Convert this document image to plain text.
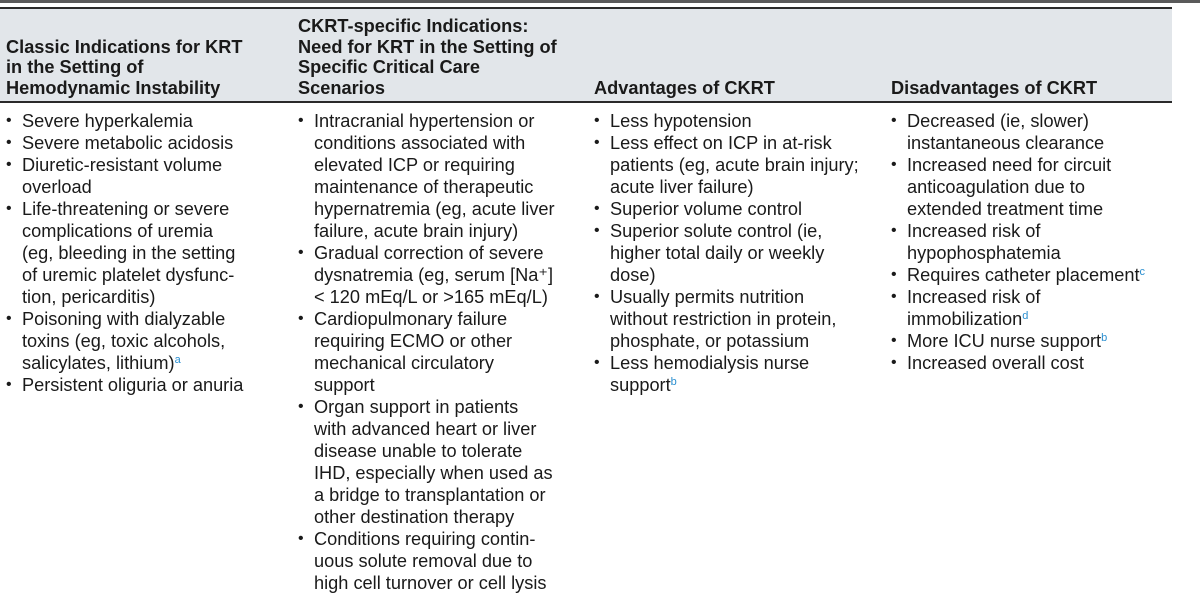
Classic Indications for KRT
in the Setting of
Hemodynamic Instability
• Severe hyperkalemia
• Severe metabolic acidosis
• Diuretic-resistant volume
overload
• Life-threatening or severe
complications of uremia
(eg, bleeding in the setting
of uremic platelet dysfunc-
tion, pericarditis)
• Poisoning with dialyzable
toxins (eg, toxic alcohols,
salicylates, lithium)$^a$
• Persistent oliguria or anuria
CKRT-specific Indications:
Need for KRT in the Setting of
Specific Critical Care
Scenarios
• Intracranial hypertension or
conditions associated with
elevated ICP or requiring
maintenance of therapeutic
hypernatremia (eg, acute liver
failure, acute brain injury)
• Gradual correction of severe
dysnatremia (eg, serum [Na⁺]
< 120 mEq/L or >165 mEq/L)
• Cardiopulmonary failure
requiring ECMO or other
mechanical circulatory
support
• Organ support in patients
with advanced heart or liver
disease unable to tolerate
IHD, especially when used as
a bridge to transplantation or
other destination therapy
• Conditions requiring contin-
uous solute removal due to
high cell turnover or cell lysis
Advantages of CKRT
• Less hypotension
• Less effect on ICP in at-risk
patients (eg, acute brain injury;
acute liver failure)
• Superior volume control
• Superior solute control (ie,
higher total daily or weekly
dose)
• Usually permits nutrition
without restriction in protein,
phosphate, or potassium
• Less hemodialysis nurse
support$^b$
Disadvantages of CKRT
• Decreased (ie, slower)
instantaneous clearance
• Increased need for circuit
anticoagulation due to
extended treatment time
• Increased risk of
hypophosphatemia
• Requires catheter placement$^c$
• Increased risk of
immobilization$^d$
• More ICU nurse support$^b$
• Increased overall cost
